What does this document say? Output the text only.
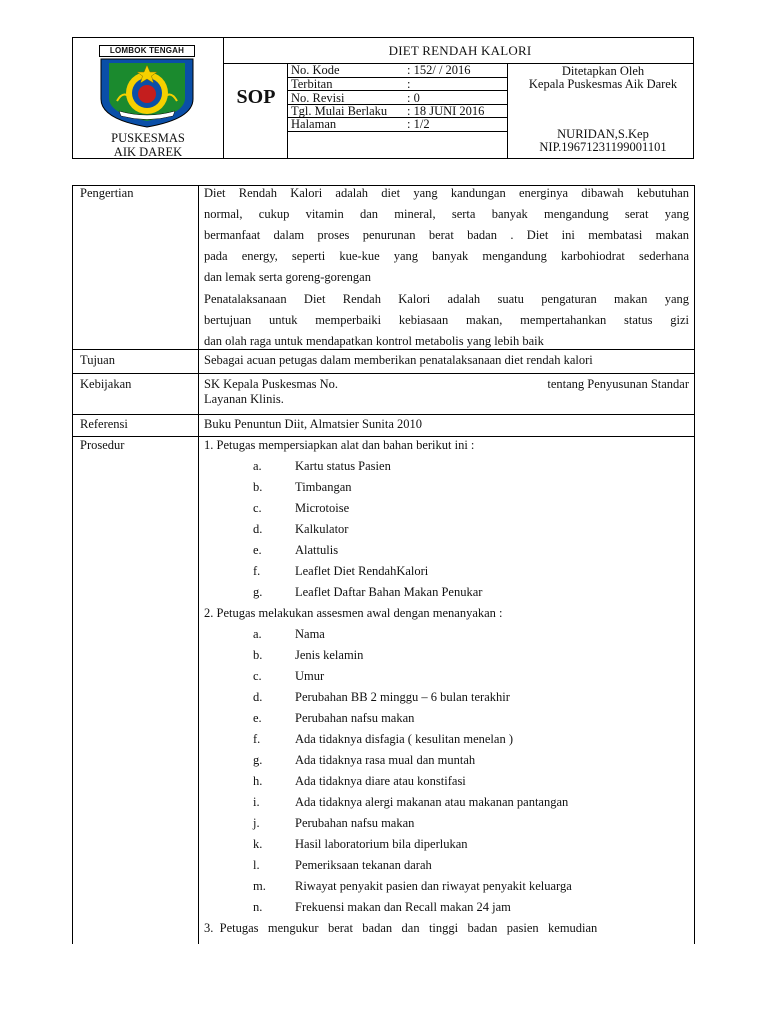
LOMBOK TENGAH
PUSKESMAS
AIK DAREK
DIET RENDAH KALORI
SOP
No. Kode	: 152/ / 2016
Terbitan	:
No. Revisi	: 0
Tgl. Mulai Berlaku : 18 JUNI 2016
Halaman	: 1/2
Ditetapkan Oleh
Kepala Puskesmas Aik Darek
NURIDAN,S.Kep
NIP.19671231199001101
Pengertian	Diet Rendah Kalori adalah diet yang kandungan energinya dibawah kebutuhan
normal, cukup vitamin dan mineral, serta banyak mengandung serat yang
bermanfaat dalam proses penurunan berat badan . Diet ini membatasi makan
pada energy, seperti kue-kue yang banyak mengandung karbohiodrat sederhana
dan lemak serta goreng-gorengan
Penatalaksanaan Diet Rendah Kalori adalah suatu pengaturan makan yang
bertujuan untuk memperbaiki kebiasaan makan, mempertahankan status gizi
dan olah raga untuk mendapatkan kontrol metabolis yang lebih baik
Tujuan	Sebagai acuan petugas dalam memberikan penatalaksanaan diet rendah kalori
Kebijakan	SK Kepala Puskesmas No.	tentang Penyusunan Standar
Layanan Klinis.
Referensi	Buku Penuntun Diit, Almatsier Sunita 2010
Prosedur	1. Petugas mempersiapkan alat dan bahan berikut ini :
a.	Kartu status Pasien
b.	Timbangan
c.	Microtoise
d.	Kalkulator
e.	Alattulis
f.	Leaflet Diet RendahKalori
g.	Leaflet Daftar Bahan Makan Penukar
2. Petugas melakukan assesmen awal dengan menanyakan :
a.	Nama
b.	Jenis kelamin
c.	Umur
d.	Perubahan BB 2 minggu – 6 bulan terakhir
e.	Perubahan nafsu makan
f.	Ada tidaknya disfagia ( kesulitan menelan )
g.	Ada tidaknya rasa mual dan muntah
h.	Ada tidaknya diare atau konstifasi
i.	Ada tidaknya alergi makanan atau makanan pantangan
j.	Perubahan nafsu makan
k.	Hasil laboratorium bila diperlukan
l.	Pemeriksaan tekanan darah
m. Riwayat penyakit pasien dan riwayat penyakit keluarga
n.	Frekuensi makan dan Recall makan 24 jam
3.  Petugas   mengukur   berat   badan   dan   tinggi   badan   pasien   kemudian
